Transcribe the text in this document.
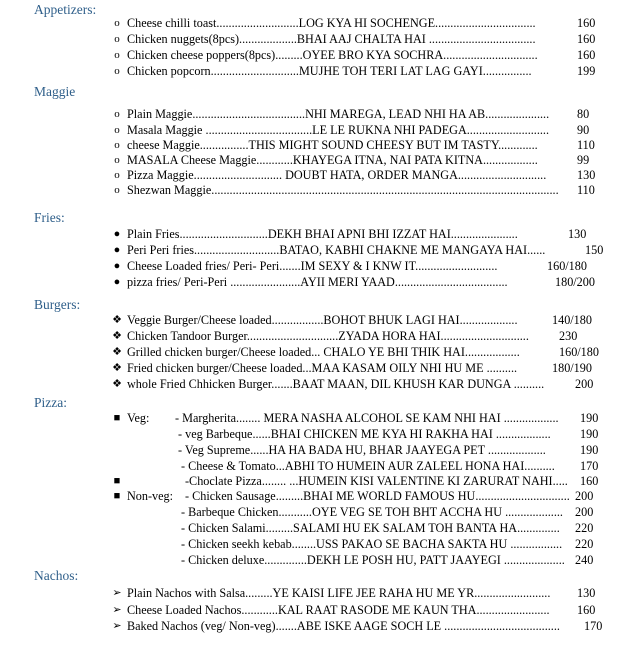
Appetizers:
o Cheese chilli toast...........................LOG KYA HI SOCHENGE.................................	160
o Chicken nuggets(8pcs)...................BHAI AAJ CHALTA HAI ...................................	160
o Chicken cheese poppers(8pcs).........OYEE BRO KYA SOCHRA...............................	160
o Chicken popcorn.............................MUJHE TOH TERI LAT LAG GAYI................	199
Maggie
o Plain Maggie.....................................NHI MAREGA, LEAD NHI HA AB..................... 80
o Masala Maggie ...................................LE LE RUKNA NHI PADEGA........................... 90
o cheese Maggie................THIS MIGHT SOUND CHEESY BUT IM TASTY.............	110
o MASALA Cheese Maggie............KHAYEGA ITNA, NAI PATA KITNA..................	99
o Pizza Maggie............................. DOUBT HATA, ORDER MANGA.............................	130
o Shezwan Maggie.................................................................................................................. 110
Fries:
● Plain Fries.............................DEKH BHAI APNI BHI IZZAT HAI......................	130
● Peri Peri fries............................BATAO, KABHI CHAKNE ME MANGAYA HAI......	150
● Cheese Loaded fries/ Peri- Peri.......IM SEXY & I KNW IT...........................	160/180
● pizza fries/ Peri-Peri .......................AYII MERI YAAD.....................................	180/200
Burgers:
❖ Veggie Burger/Cheese loaded.................BOHOT BHUK LAGI HAI...................	140/180
❖ Chicken Tandoor Burger..............................ZYADA HORA HAI............................. 230
❖ Grilled chicken burger/Cheese loaded... CHALO YE BHI THIK HAI..................	160/180
❖ Fried chicken burger/Cheese loaded...MAA KASAM OILY NHI HU ME ..........	180/190
❖ whole Fried Chhicken Burger.......BAAT MAAN, DIL KHUSH KAR DUNGA ..........	200
Pizza:
■ Veg: - Margherita........ MERA NASHA ALCOHOL SE KAM NHI HAI .................. 190
- veg Barbeque......BHAI CHICKEN ME KYA HI RAKHA HAI .................. 190
- Veg Supreme......HA HA BADA HU, BHAR JAAYEGA PET ...................	190
- Cheese & Tomato...ABHI TO HUMEIN AUR ZALEEL HONA HAI.......... 170
■	-Choclate Pizza........ ...HUMEIN KISI VALENTINE KI ZARURAT NAHI..... 160
■ Non-veg: - Chicken Sausage.........BHAI ME WORLD FAMOUS HU............................... 200
- Barbeque Chicken...........OYE VEG SE TOH BHT ACCHA HU ................... 200
- Chicken Salami.........SALAMI HU EK SALAM TOH BANTA HA.............. 220
- Chicken seekh kebab........USS PAKAO SE BACHA SAKTA HU ................. 220
- Chicken deluxe..............DEKH LE POSH HU, PATT JAAYEGI .................... 240
Nachos:
➢ Plain Nachos with Salsa.........YE KAISI LIFE JEE RAHA HU ME YR......................... 130
➢ Cheese Loaded Nachos............KAL RAAT RASODE ME KAUN THA........................ 160
➢ Baked Nachos (veg/ Non-veg).......ABE ISKE AAGE SOCH LE ...................................... 170
